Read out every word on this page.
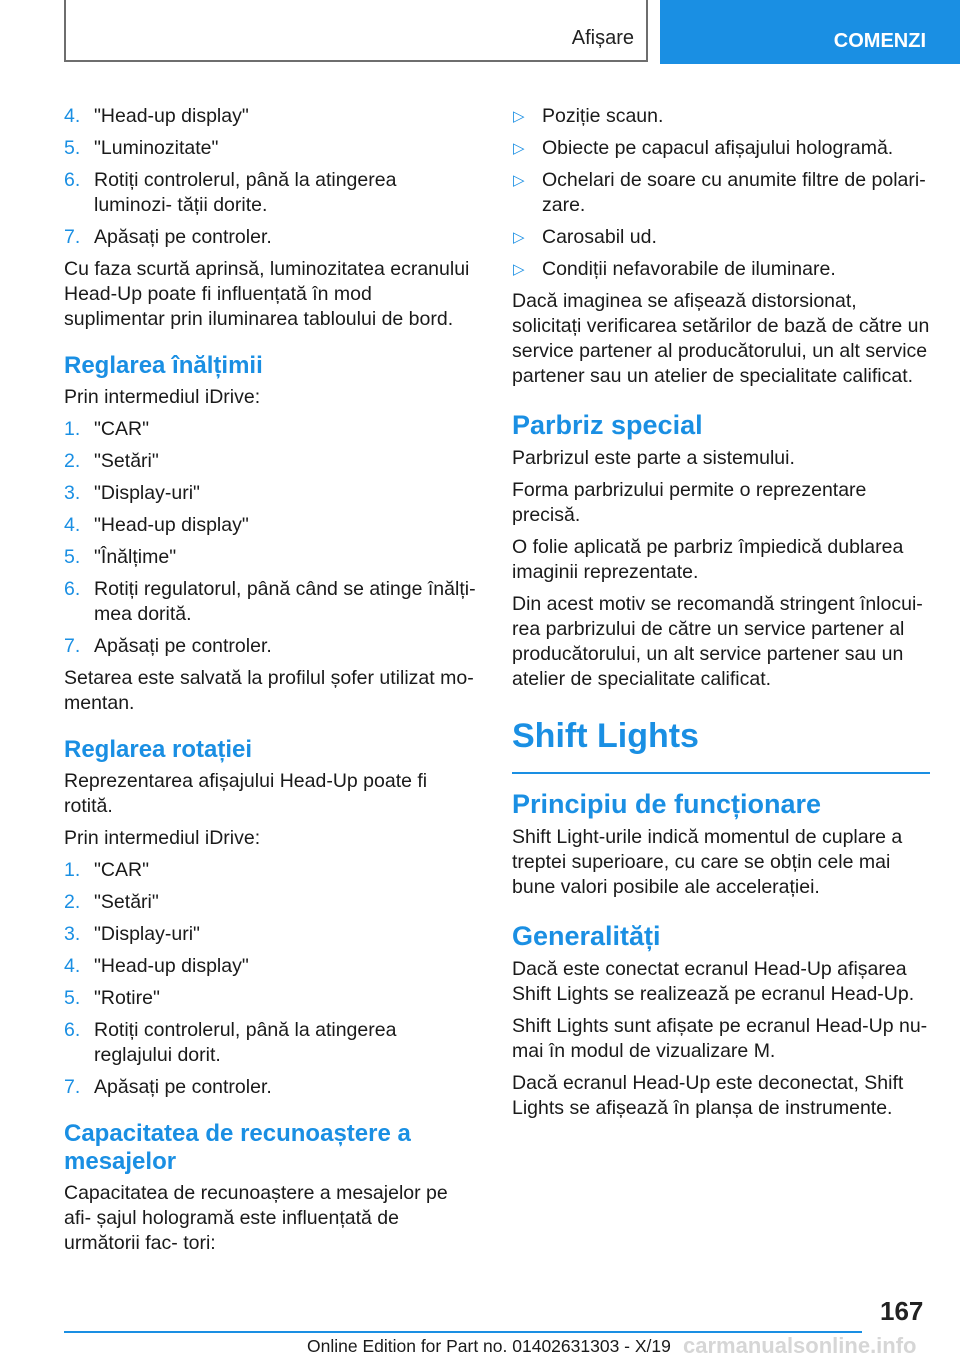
Afișare	COMENZI
4. "Head-up display"
5. "Luminozitate"
6. Rotiți controlerul, până la atingerea luminozi‐ tății dorite.
7. Apăsați pe controler.

Cu faza scurtă aprinsă, luminozitatea ecranului Head-Up poate fi influențată în mod suplimentar prin iluminarea tabloului de bord.

Reglarea înălțimii

Prin intermediul iDrive:

1. "CAR"
2. "Setări"
3. "Display-uri"
4. "Head-up display"
5. "Înălțime"
6. Rotiți regulatorul, până când se atinge înălți‐ mea dorită.
7. Apăsați pe controler.

Setarea este salvată la profilul șofer utilizat mo‐ mentan.

Reglarea rotației

Reprezentarea afișajului Head-Up poate fi rotită.

Prin intermediul iDrive:

1. "CAR"
2. "Setări"
3. "Display-uri"
4. "Head-up display"
5. "Rotire"
6. Rotiți controlerul, până la atingerea reglajului dorit.
7. Apăsați pe controler.
Capacitatea de recunoaștere a mesajelor

Capacitatea de recunoaștere a mesajelor pe afi‐ șajul hologramă este influențată de următorii fac‐ tori:

▷ Poziție scaun.
▷ Obiecte pe capacul afișajului hologramă.
▷ Ochelari de soare cu anumite filtre de polari‐ zare.
▷ Carosabil ud.
▷ Condiții nefavorabile de iluminare.

Dacă imaginea se afișează distorsionat, solicitați verificarea setărilor de bază de către un service partener al producătorului, un alt service partener sau un atelier de specialitate calificat.

Parbriz special

Parbrizul este parte a sistemului.

Forma parbrizului permite o reprezentare precisă.

O folie aplicată pe parbriz împiedică dublarea imaginii reprezentate.

Din acest motiv se recomandă stringent înlocui‐ rea parbrizului de către un service partener al producătorului, un alt service partener sau un atelier de specialitate calificat.

Shift Lights
Principiu de funcționare

Shift Light-urile indică momentul de cuplare a treptei superioare, cu care se obțin cele mai bune valori posibile ale accelerației.

Generalități

Dacă este conectat ecranul Head-Up afișarea Shift Lights se realizează pe ecranul Head-Up.

Shift Lights sunt afișate pe ecranul Head-Up nu‐ mai în modul de vizualizare M.

Dacă ecranul Head-Up este deconectat, Shift Lights se afișează în planșa de instrumente.

167
Online Edition for Part no. 01402631303 - X/19 carmanualsonline.info
